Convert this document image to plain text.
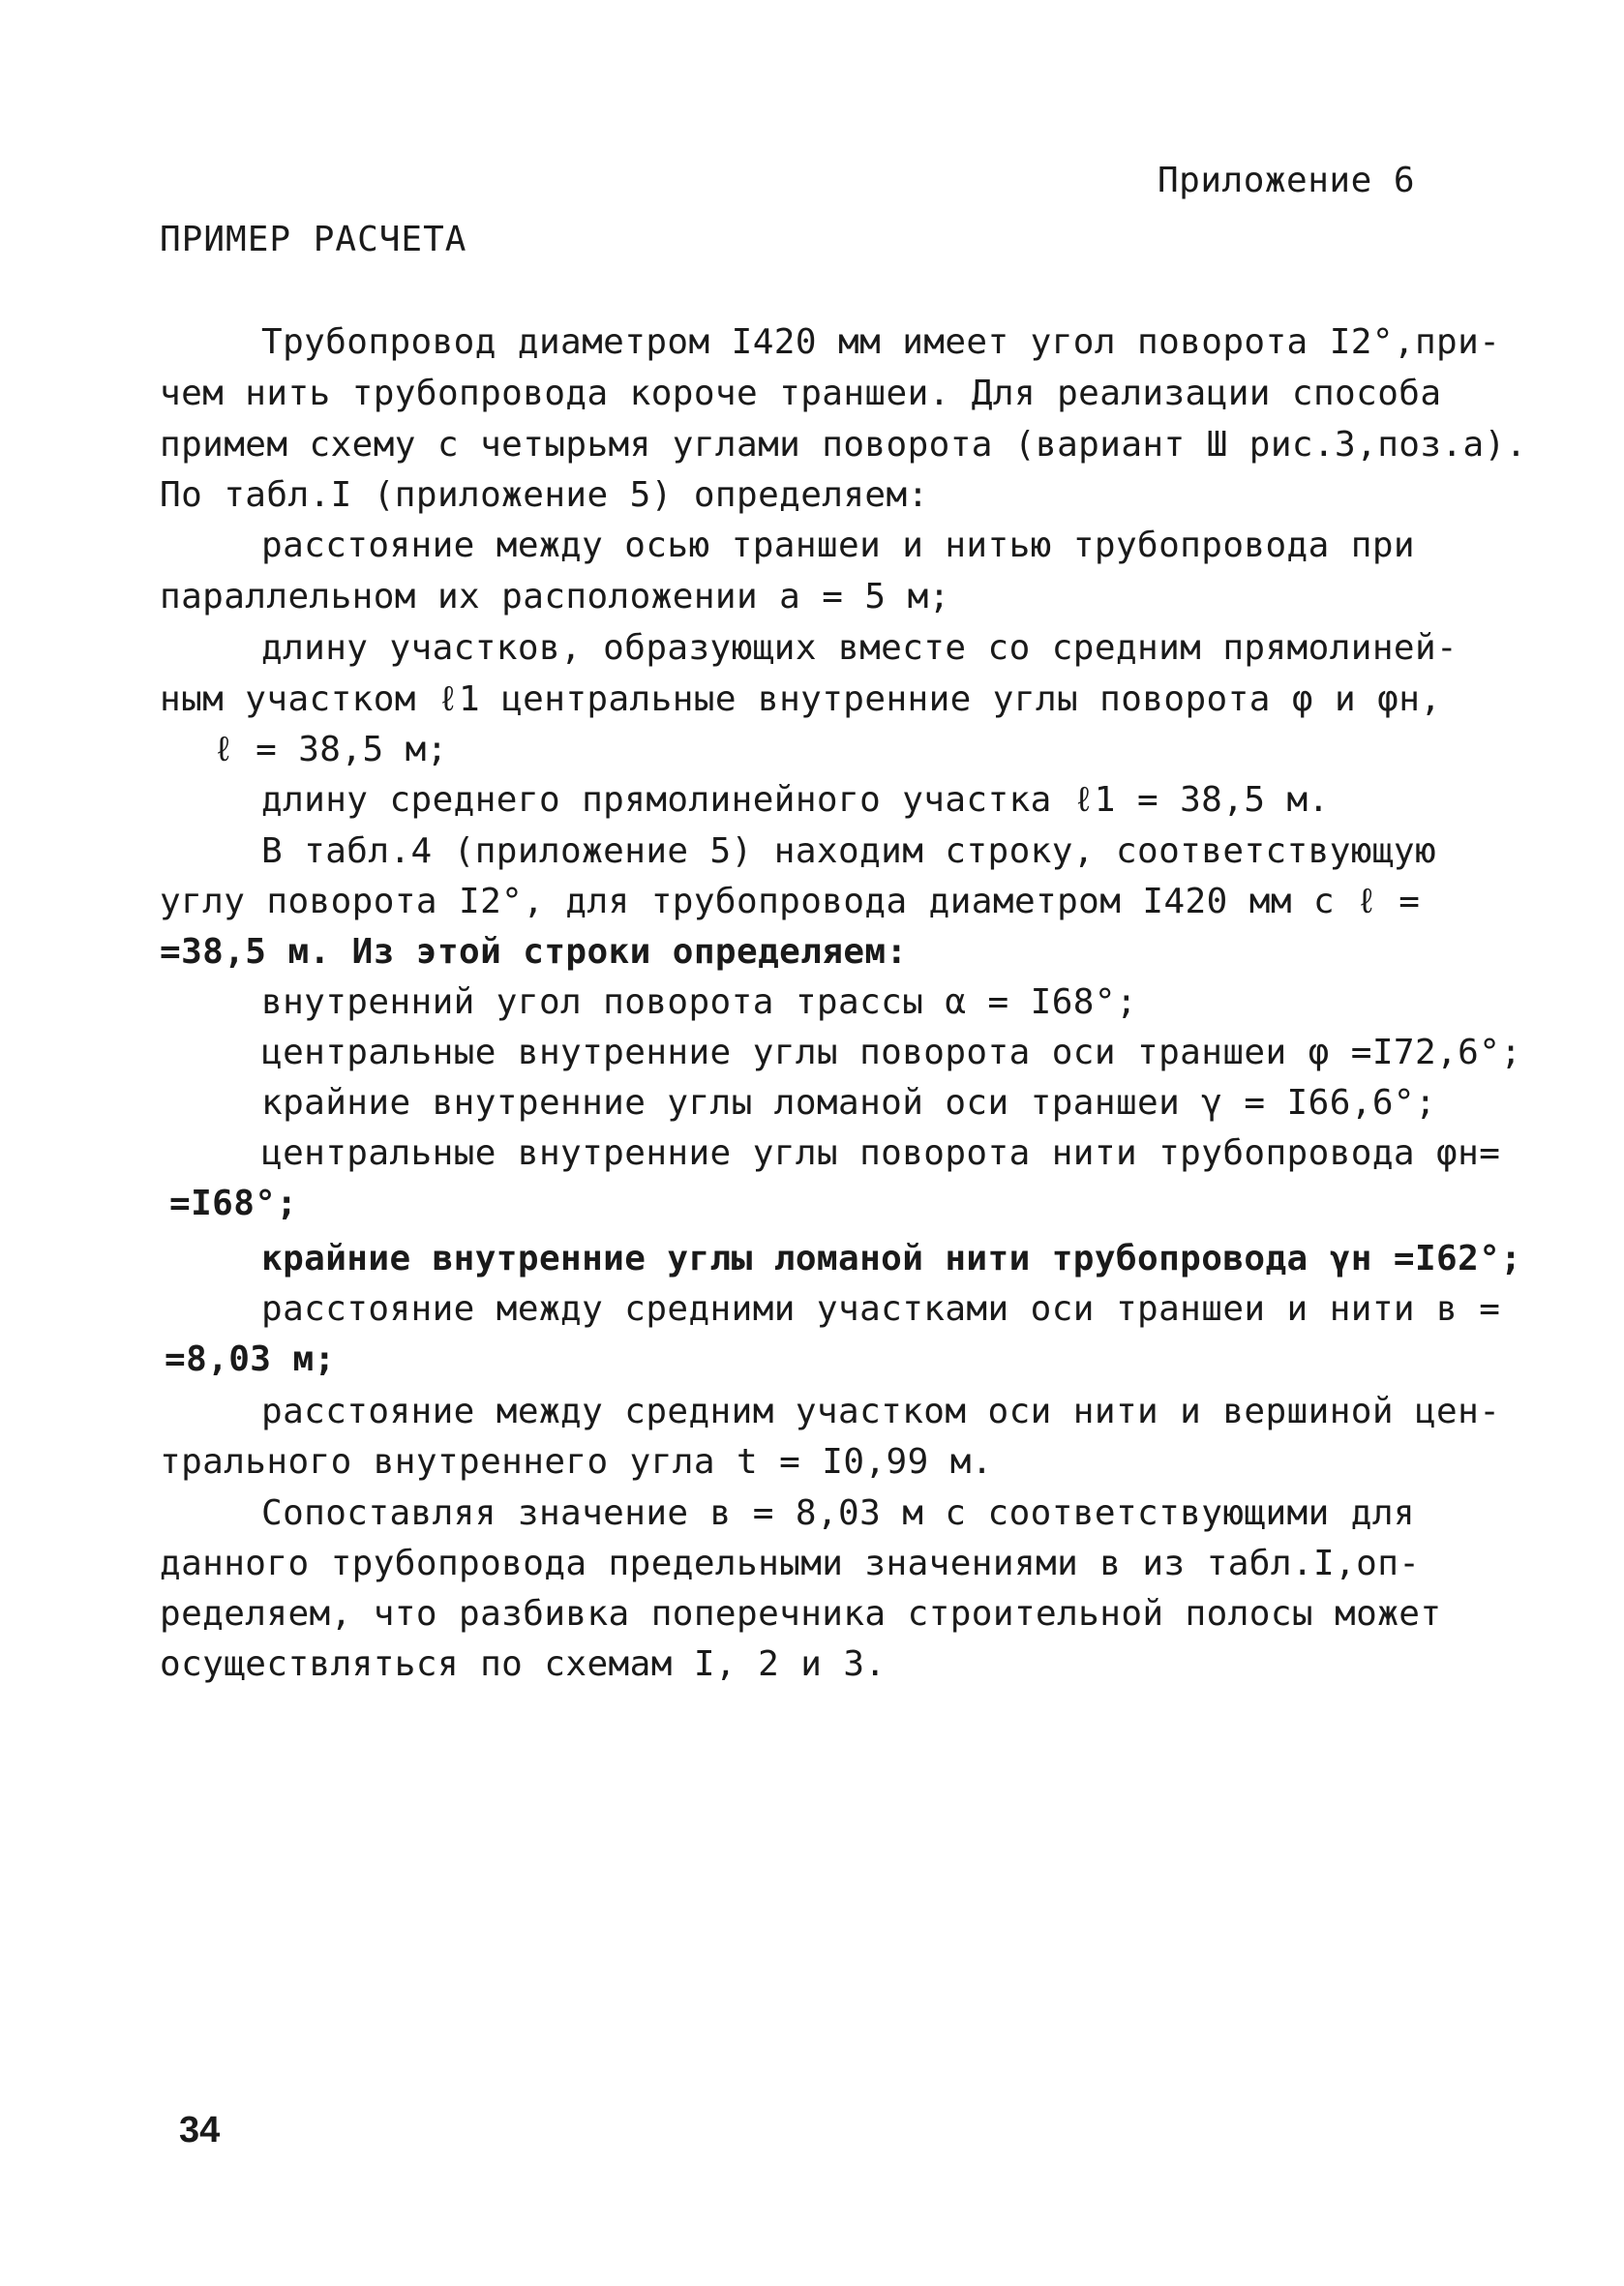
Приложение 6
ПРИМЕР РАСЧЕТА
Трубопровод диаметром I420 мм имеет угол поворота I2°,при-
чем нить трубопровода короче траншеи. Для реализации способа
примем схему с четырьмя углами поворота (вариант Ш рис.3,поз.а).
По табл.I (приложение 5) определяем:
расстояние между осью траншеи и нитью трубопровода при
параллельном их расположении a = 5 м;
длину участков, образующих вместе со средним прямолиней-
ным участком ℓ1 центральные внутренние углы поворота φ и φн,
ℓ = 38,5 м;
длину среднего прямолинейного участка ℓ1 = 38,5 м.
В табл.4 (приложение 5) находим строку, соответствующую
углу поворота I2°, для трубопровода диаметром I420 мм с ℓ =
=38,5 м. Из этой строки определяем:
внутренний угол поворота трассы α = I68°;
центральные внутренние углы поворота оси траншеи φ =I72,6°;
крайние внутренние углы ломаной оси траншеи γ = I66,6°;
центральные внутренние углы поворота нити трубопровода φн=
=I68°;
крайние внутренние углы ломаной нити трубопровода γн =I62°;
расстояние между средними участками оси траншеи и нити в =
=8,03 м;
расстояние между средним участком оси нити и вершиной цен-
трального внутреннего угла t = I0,99 м.
Сопоставляя значение в = 8,03 м с соответствующими для
данного трубопровода предельными значениями в из табл.I,оп-
ределяем, что разбивка поперечника строительной полосы может
осуществляться по схемам I, 2 и 3.
34
